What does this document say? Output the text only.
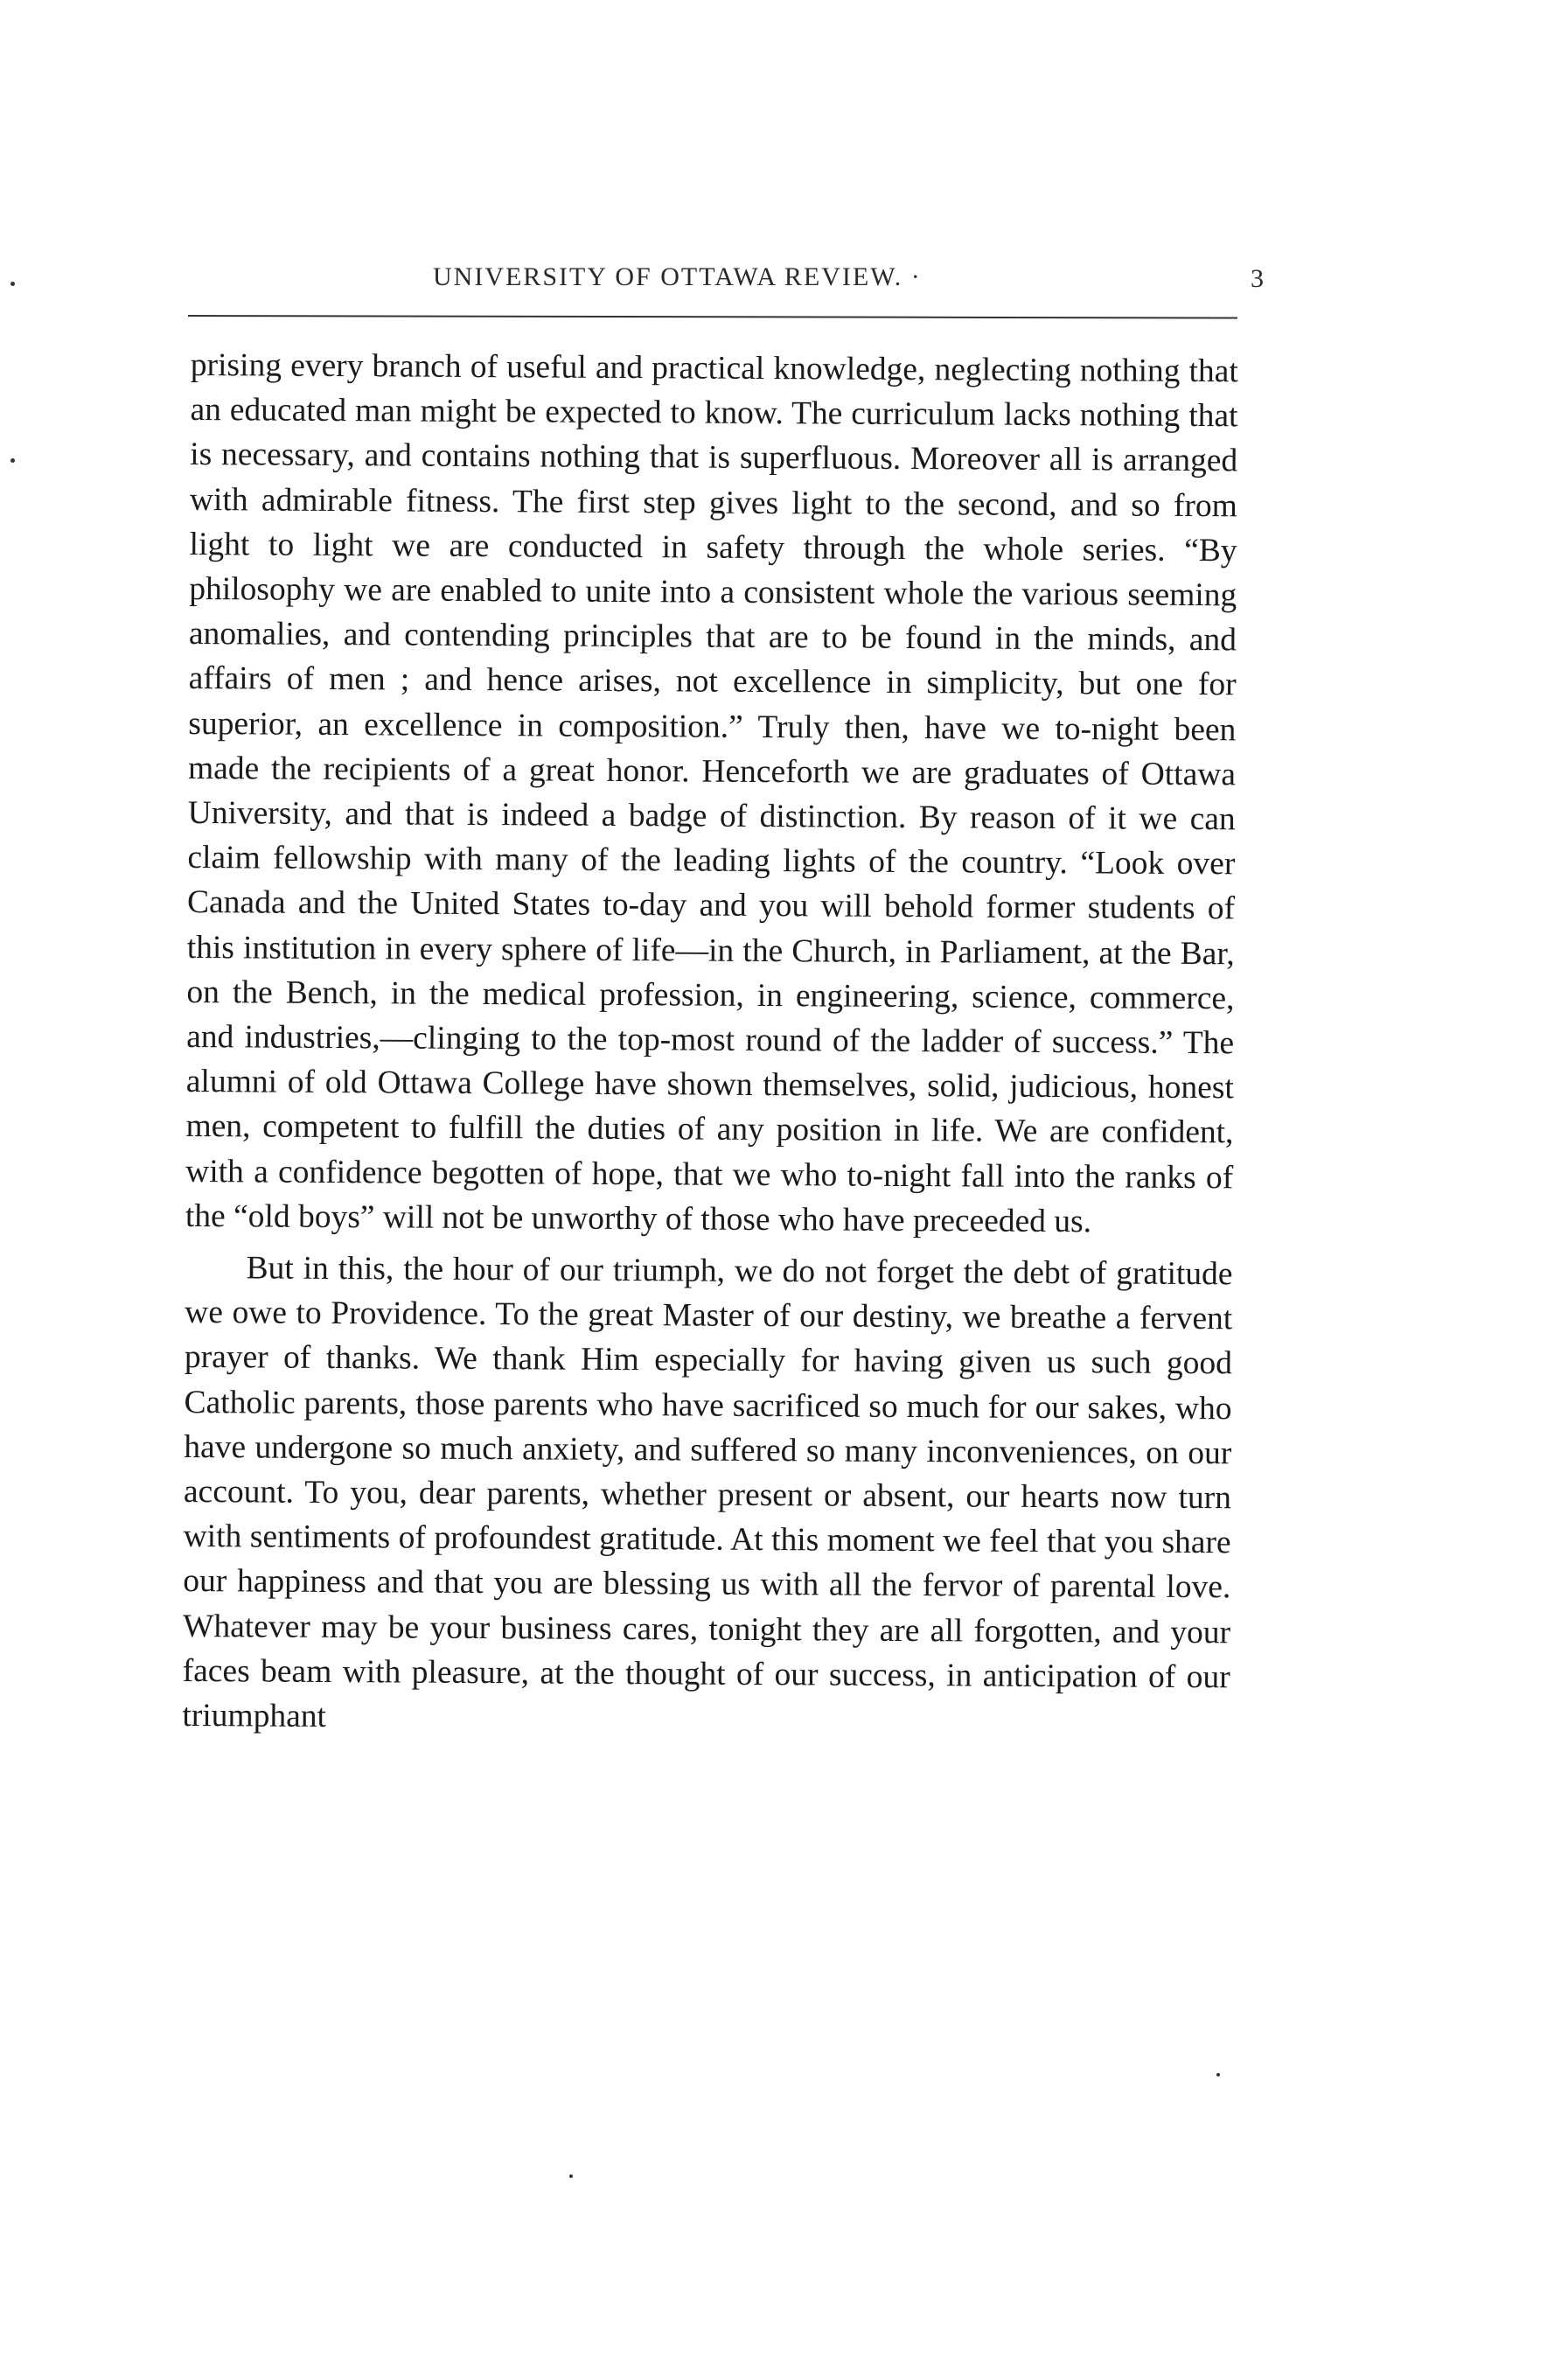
UNIVERSITY OF OTTAWA REVIEW. ·	3

prising every branch of useful and practical knowledge, neglecting nothing that an educated man might be expected to know. The curriculum lacks nothing that is necessary, and contains nothing that is superfluous. Moreover all is arranged with admirable fitness. The first step gives light to the second, and so from light to light we are conducted in safety through the whole series. “By philosophy we are enabled to unite into a consistent whole the various seeming anomalies, and contending principles that are to be found in the minds, and affairs of men ; and hence arises, not excellence in simplicity, but one for superior, an excellence in composition.” Truly then, have we to-night been made the recipients of a great honor. Henceforth we are graduates of Ottawa University, and that is indeed a badge of distinction. By reason of it we can claim fellowship with many of the leading lights of the country. “Look over Canada and the United States to-day and you will behold former students of this institution in every sphere of life—in the Church, in Parliament, at the Bar, on the Bench, in the medical profession, in engineering, science, commerce, and industries,—clinging to the top-most round of the ladder of success.” The alumni of old Ottawa College have shown themselves, solid, judicious, honest men, competent to fulfill the duties of any position in life. We are confident, with a confidence begotten of hope, that we who to-night fall into the ranks of the “old boys” will not be unworthy of those who have preceeded us.

But in this, the hour of our triumph, we do not forget the debt of gratitude we owe to Providence. To the great Master of our destiny, we breathe a fervent prayer of thanks. We thank Him especially for having given us such good Catholic parents, those parents who have sacrificed so much for our sakes, who have undergone so much anxiety, and suffered so many inconveniences, on our account. To you, dear parents, whether present or absent, our hearts now turn with sentiments of profoundest gratitude. At this moment we feel that you share our happiness and that you are blessing us with all the fervor of parental love. Whatever may be your business cares, tonight they are all forgotten, and your faces beam with pleasure, at the thought of our success, in anticipation of our triumphant
